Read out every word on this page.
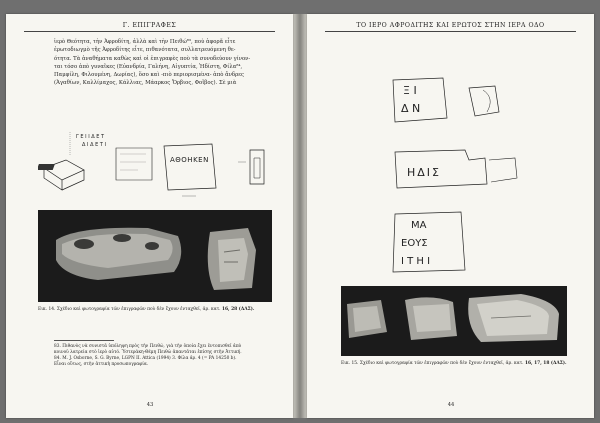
Γ. ΕΠΙΓΡΑΦΕΣ

ἱερὸ Θεότητα, τὴν Ἀφροδίτη, ἀλλὰ καὶ τὴν Πειθώ⁸³, ποὺ ἀφορᾶ εἶτε

ἐρωτοδιωγμὸ τῆς Ἀφροδίτης εἶτε, πιθανότατα, συλλατρευόμενη θε-

ότητα. Τὰ ἀναθήματα καθὼς καὶ οἱ ἐπιγραφὲς ποὺ τὰ συνοδεύουν γίνον-

ται τόσο ἀπὸ γυναῖκες (Εὐανδρία, Γαλήνη, Αἰγυπτία, Ἡδίστη, Φίλα⁸⁴,

Παμφίλη, Φιλουμένη, Δωρίας), ὅσο καὶ -πιὸ περιορισμένα- ἀπὸ ἄνδρες

(Ἀγαθίων, Καλλίμαχος, Κάλλιας, Μάαρκος Ὄρβιος, Φοῖβος). Σὲ μιὰ

Γ Ε Ι Ι Δ Ε Τ
Δ Ι Δ Ε Τ Ι
ΑΘΟΗΚΕΝ
Εικ. 14. Σχέδιο καὶ φωτογραφία τῶν ἐπιγραφῶν ποὺ δὲν ἔχουν ἐνταχθεῖ, ἀρ. κατ. 16, 28 (ΔΛΣ).

83. Πιθανὸς νὰ συνιστᾶ ὑπόληψη πρὸς τὴν Πειθώ, γιὰ τὴν ὁποία ἔχει ἐντοπισθεῖ ἀπὸ

κοινοῦ λατρεία στὸ ἱερὸ αὐτό. Ὑστεράκη-Θέμη Πειθὼ ἀπαντᾶται ἐπίσης στὴν Ἀττική.

84. M. J. Osborne, S. G. Byrne, LGPN II. Attica (1994) 3. Φίλα ἀρ. 4 (= PA 14250 b).

Εἶναι οὕτως, στὴν ἀττικὴ προσωπογραφία.

43
ΤΟ ΙΕΡΟ ΑΦΡΟΔΙΤΗΣ ΚΑΙ ΕΡΩΤΟΣ ΣΤΗΝ ΙΕΡΑ ΟΔΟ
Ξ Ι
Δ Ν
ΗΔΙΣ
ΜΑ
ΕΟΥΣ
Ι Τ Η Ι
Εικ. 15. Σχέδιο καὶ φωτογραφία τῶν ἐπιγραφῶν ποὺ δὲν ἔχουν ἐνταχθεῖ, ἀρ. κατ. 16, 17, 18 (ΔΛΣ).
44
